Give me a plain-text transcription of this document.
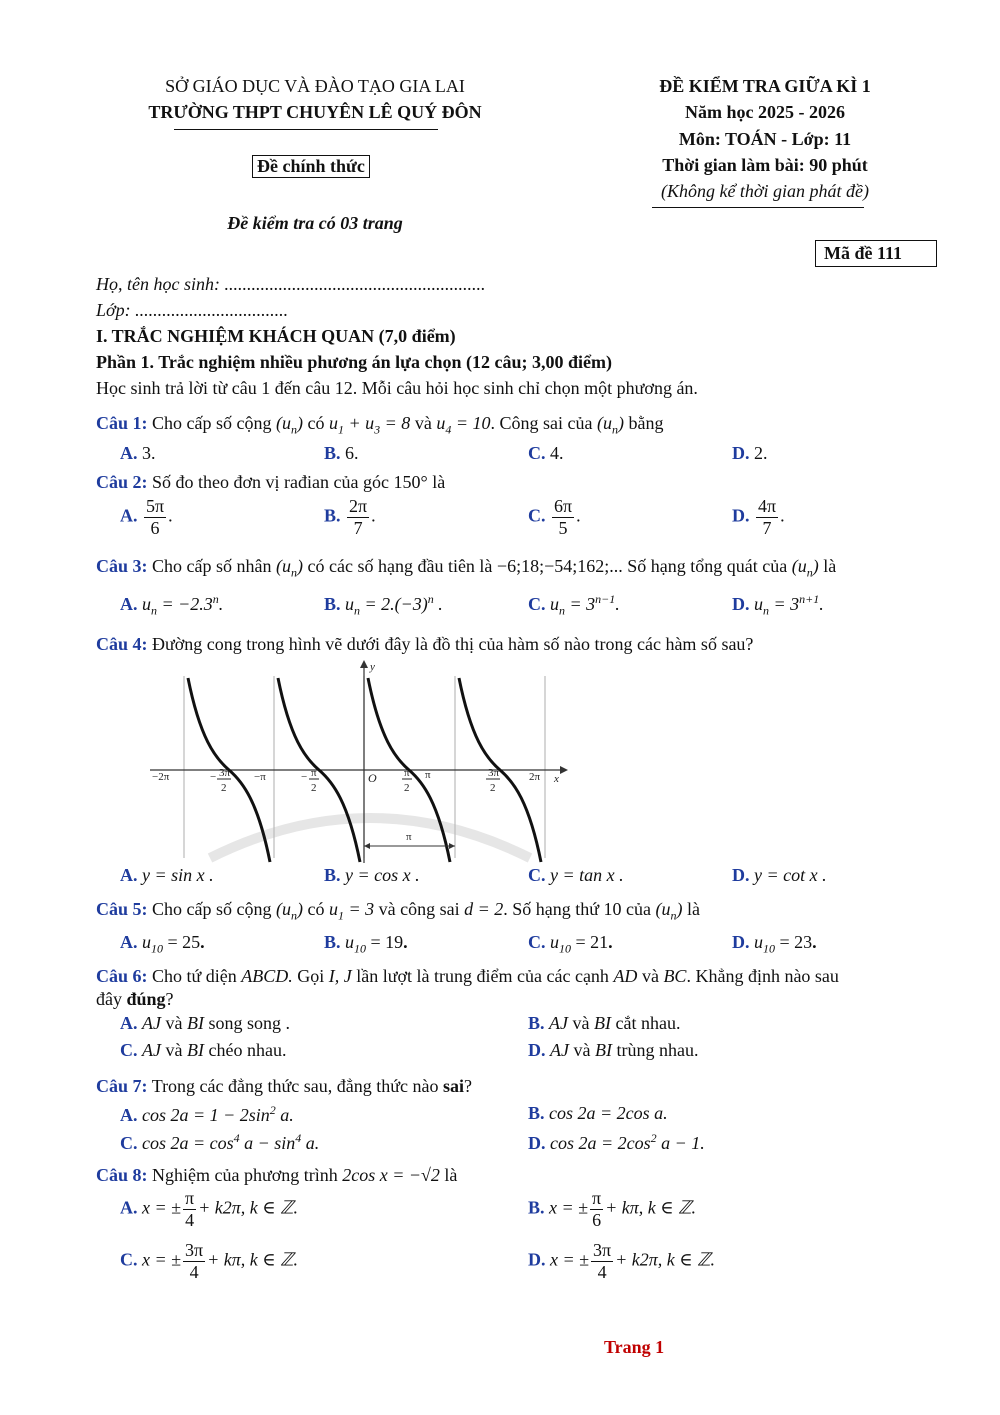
SỞ GIÁO DỤC VÀ ĐÀO TẠO GIA LAI
TRƯỜNG THPT CHUYÊN LÊ QUÝ ĐÔN
Đề chính thức
Đề kiểm tra có 03 trang
ĐỀ KIỂM TRA GIỮA KÌ 1
Năm học 2025 - 2026
Môn: TOÁN - Lớp: 11
Thời gian làm bài: 90 phút
(Không kể thời gian phát đề)
Mã đề 111
Họ, tên học sinh: ..........................................................
Lớp: ..................................
I. TRẮC NGHIỆM KHÁCH QUAN (7,0 điểm)
Phần 1. Trắc nghiệm nhiều phương án lựa chọn (12 câu; 3,00 điểm)
Học sinh trả lời từ câu 1 đến câu 12. Mỗi câu hỏi học sinh chỉ chọn một phương án.
Câu 1: Cho cấp số cộng $(u_n)$ có $u_1 + u_3 = 8$ và $u_4 = 10$. Công sai của $(u_n)$ bằng
A. 3.	B. 6.	C. 4.	D. 2.
Câu 2: Số đo theo đơn vị rađian của góc 150° là
A. $\frac{5\pi}{6}$ .	B. $\frac{2\pi}{7}$ .	C. $\frac{6\pi}{5}$ .	D. $\frac{4\pi}{7}$ .
Câu 3: Cho cấp số nhân $(u_n)$ có các số hạng đầu tiên là −6;18;−54;162;... Số hạng tổng quát của $(u_n)$ là
A. $u_n = -2.3^n$.	B. $u_n = 2.(-3)^n$ .	C. $u_n = 3^{n-1}$.	D. $u_n = 3^{n+1}$.
Câu 4: Đường cong trong hình vẽ dưới đây là đồ thị của hàm số nào trong các hàm số sau?
−2π	−π	π	2π
O	x
y
π
− 3π
2
− π
2
π
2
3π
2
A. y = sin x .	B. y = cos x .	C. y = tan x .	D. y = cot x .
Câu 5: Cho cấp số cộng $(u_n)$ có $u_1 = 3$ và công sai d = 2. Số hạng thứ 10 của $(u_n)$ là
A. $u_{10} = 25$.	B. $u_{10} = 19$.	C. $u_{10} = 21$.	D. $u_{10} = 23$.
Câu 6: Cho tứ diện ABCD. Gọi I, J lần lượt là trung điểm của các cạnh AD và BC. Khẳng định nào sau
đây đúng?
A. AJ và BI song song .	B. AJ và BI cắt nhau.
C. AJ và BI chéo nhau.	D. AJ và BI trùng nhau.
Câu 7: Trong các đẳng thức sau, đẳng thức nào sai?
A. $\cos 2a = 1 - 2\sin^2$ a.	B. cos 2a = 2cos a.
C. $\cos 2a = \cos^4 a - \sin^4 a$.	D. $\cos 2a = 2\cos^2$ a − 1.
Câu 8: Nghiệm của phương trình 2cos x = −√2 là
A. x = ± $\frac{\pi}{4} + k2\pi$, k ∈ ℤ.	B. x = ± $\frac{\pi}{6} + k\pi$, k ∈ ℤ.
C. x = ± $\frac{3\pi}{4} + k\pi$, k ∈ ℤ.	D. x = ± $\frac{3\pi}{4} + k2\pi$, k ∈ ℤ.
Trang 1
